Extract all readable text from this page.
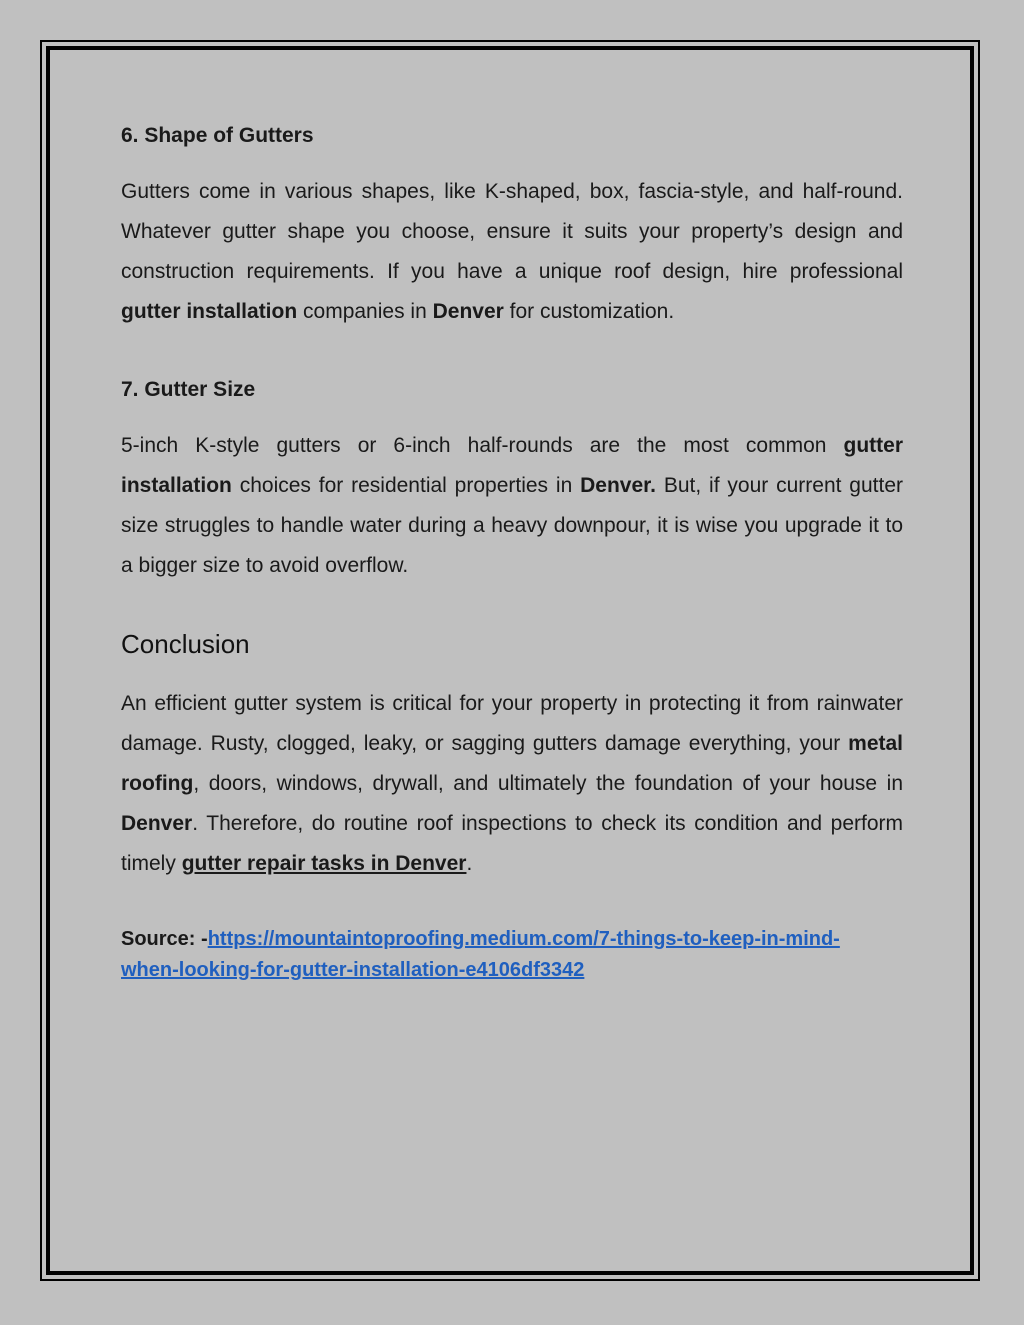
6. Shape of Gutters

Gutters come in various shapes, like K-shaped, box, fascia-style, and half-round. Whatever gutter shape you choose, ensure it suits your property’s design and construction requirements. If you have a unique roof design, hire professional gutter installation companies in Denver for customization.

7. Gutter Size

5-inch K-style gutters or 6-inch half-rounds are the most common gutter installation choices for residential properties in Denver. But, if your current gutter size struggles to handle water during a heavy downpour, it is wise you upgrade it to a bigger size to avoid overflow.

Conclusion

An efficient gutter system is critical for your property in protecting it from rainwater damage. Rusty, clogged, leaky, or sagging gutters damage everything, your metal roofing, doors, windows, drywall, and ultimately the foundation of your house in Denver. Therefore, do routine roof inspections to check its condition and perform timely gutter repair tasks in Denver.

Source: -https://mountaintoproofing.medium.com/7-things-to-keep-in-mind-
when-looking-for-gutter-installation-e4106df3342
